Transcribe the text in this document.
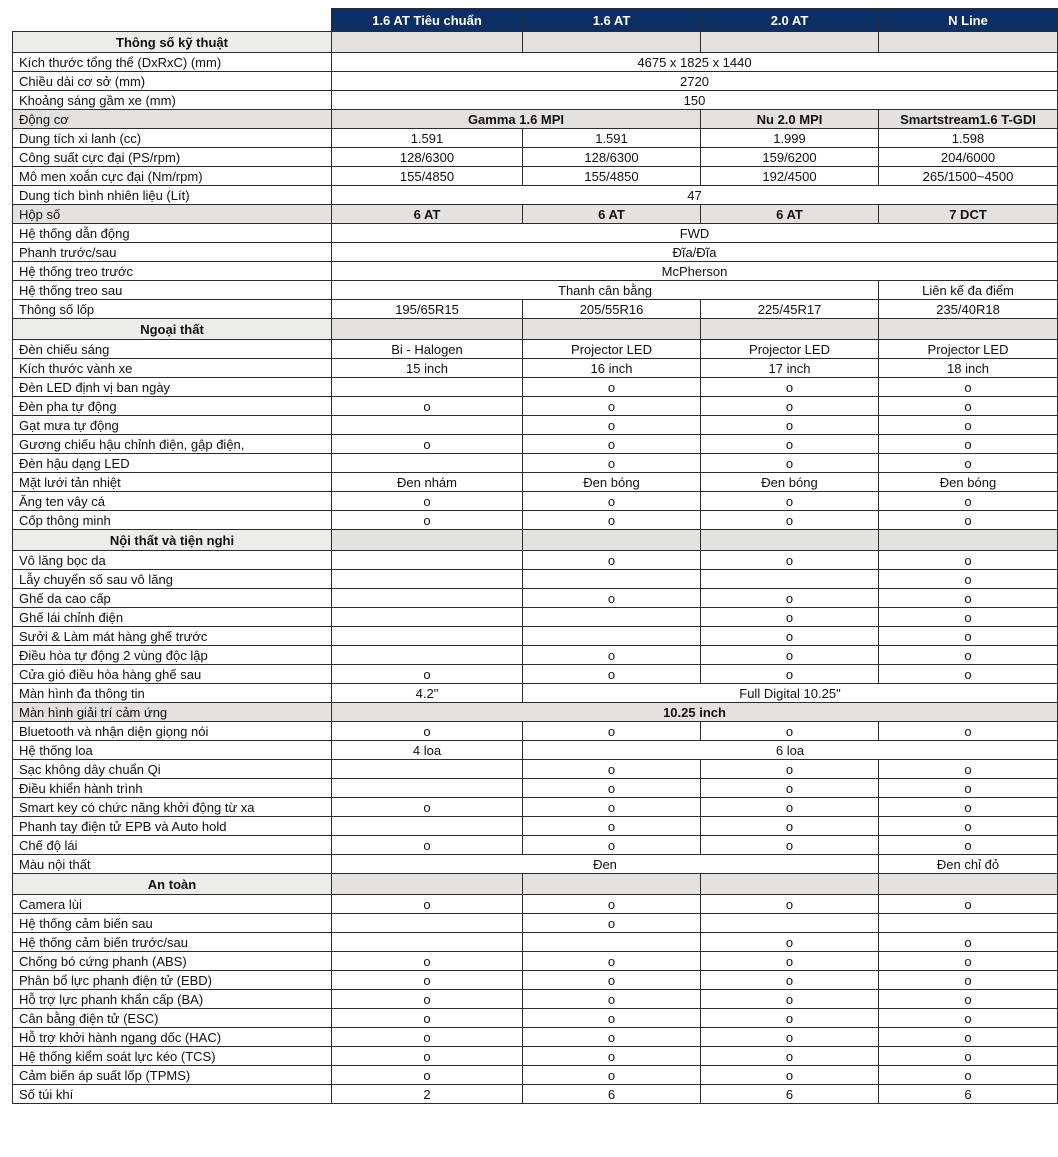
	1.6 AT Tiêu chuẩn	1.6 AT	2.0 AT	N Line
Thông số kỹ thuật				
Kích thước tổng thể (DxRxC) (mm)	4675 x 1825 x 1440			
Chiều dài cơ sở (mm)	2720			
Khoảng sáng gầm xe (mm)	150			
Động cơ	Gamma 1.6 MPI		Nu 2.0 MPI	Smartstream1.6 T-GDI
Dung tích xi lanh (cc)	1.591	1.591	1.999	1.598
Công suất cực đại (PS/rpm)	128/6300	128/6300	159/6200	204/6000
Mô men xoắn cực đại (Nm/rpm)	155/4850	155/4850	192/4500	265/1500~4500
Dung tích bình nhiên liệu (Lít)	47			
Hộp số	6 AT	6 AT	6 AT	7 DCT
Hệ thống dẫn động	FWD			
Phanh trước/sau	Đĩa/Đĩa			
Hệ thống treo trước	McPherson			
Hệ thống treo sau	Thanh cân bằng			Liên kế đa điểm
Thông số lốp	195/65R15	205/55R16	225/45R17	235/40R18
Ngoại thất				
Đèn chiếu sáng	Bi - Halogen	Projector LED	Projector LED	Projector LED
Kích thước vành xe	15 inch	16 inch	17 inch	18 inch
Đèn LED định vị ban ngày		o	o	o
Đèn pha tự động	o	o	o	o
Gạt mưa tự động		o	o	o
Gương chiếu hậu chỉnh điện, gập điện,	o	o	o	o
Đèn hậu dạng LED		o	o	o
Mặt lưới tản nhiệt	Đen nhám	Đen bóng	Đen bóng	Đen bóng
Ăng ten vây cá	o	o	o	o
Cốp thông minh	o	o	o	o
Nội thất và tiện nghi				
Vô lăng bọc da		o	o	o
Lẫy chuyển số sau vô lăng				o
Ghế da cao cấp		o	o	o
Ghế lái chỉnh điện			o	o
Sưởi & Làm mát hàng ghế trước			o	o
Điều hòa tự động 2 vùng độc lập		o	o	o
Cửa gió điều hòa hàng ghế sau	o	o	o	o
Màn hình đa thông tin	4.2"	Full Digital 10.25"		
Màn hình giải trí cảm ứng	10.25 inch			
Bluetooth và nhận diện giọng nói	o	o	o	o
Hệ thống loa	4 loa	6 loa		
Sạc không dây chuẩn Qi		o	o	o
Điều khiển hành trình		o	o	o
Smart key có chức năng khởi động từ xa	o	o	o	o
Phanh tay điện tử EPB và Auto hold		o	o	o
Chế độ lái	o	o	o	o
Màu nội thất	Đen			Đen chỉ đỏ
An toàn				
Camera lùi	o	o	o	o
Hệ thống cảm biến sau		o		
Hệ thống cảm biến trước/sau			o	o
Chống bó cứng phanh (ABS)	o	o	o	o
Phân bổ lực phanh điện tử (EBD)	o	o	o	o
Hỗ trợ lực phanh khẩn cấp (BA)	o	o	o	o
Cân bằng điện tử (ESC)	o	o	o	o
Hỗ trợ khởi hành ngang dốc (HAC)	o	o	o	o
Hệ thống kiểm soát lực kéo (TCS)	o	o	o	o
Cảm biến áp suất lốp (TPMS)	o	o	o	o
Số túi khí	2	6	6	6
